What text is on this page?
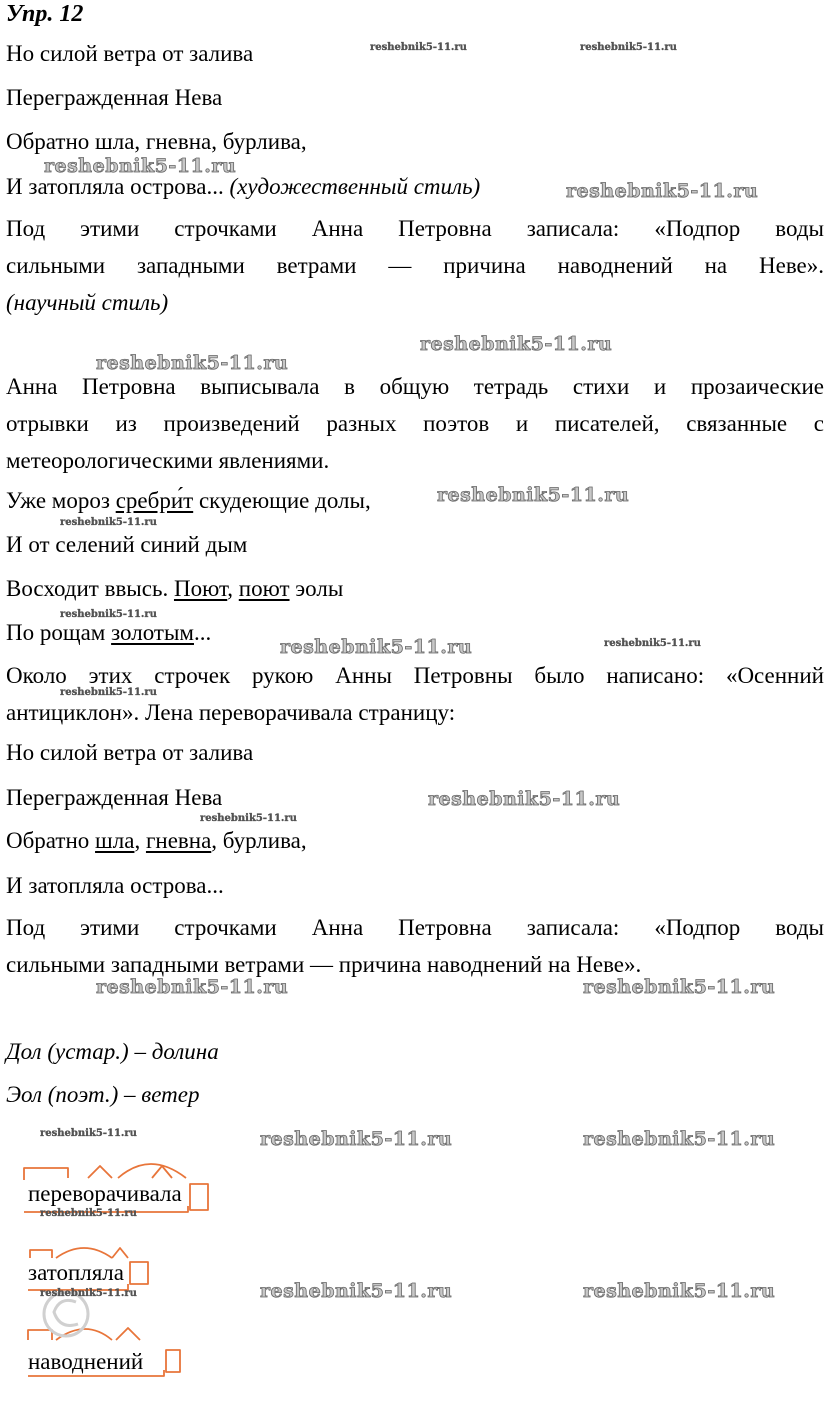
Упр. 12
Но силой ветра от залива
Перегражденная Нева
Обратно шла, гневна, бурлива,
И затопляла острова... (художественный стиль)
Под этими строчками Анна Петровна записала: «Подпор воды
сильными западными ветрами — причина наводнений на Неве».
(научный стиль)
Анна Петровна выписывала в общую тетрадь стихи и прозаические
отрывки из произведений разных поэтов и писателей, связанные с
метеорологическими явлениями.
Уже мороз сребри́т скудеющие долы,
И от селений синий дым
Восходит ввысь. Поют, поют эолы
По рощам золотым...
Около этих строчек рукою Анны Петровны было написано: «Осенний
антициклон». Лена переворачивала страницу:
Но силой ветра от залива
Перегражденная Нева
Обратно шла, гневна, бурлива,
И затопляла острова...
Под этими строчками Анна Петровна записала: «Подпор воды
сильными западными ветрами — причина наводнений на Неве».
Дол (устар.) – долина
Эол (поэт.) – ветер
переворачивала
затопляла
наводнений
reshebnik5-11.ru	reshebnik5-11.ru
reshebnik5-11.ru
reshebnik5-11.ru
reshebnik5-11.ru
reshebnik5-11.ru
reshebnik5-11.ru
reshebnik5-11.ru
reshebnik5-11.ru
reshebnik5-11.ru	reshebnik5-11.ru
reshebnik5-11.ru
reshebnik5-11.ru
reshebnik5-11.ru
reshebnik5-11.ru	reshebnik5-11.ru
reshebnik5-11.ru	reshebnik5-11.ru	reshebnik5-11.ru
reshebnik5-11.ru
reshebnik5-11.ru	reshebnik5-11.ru
reshebnik5-11.ru
